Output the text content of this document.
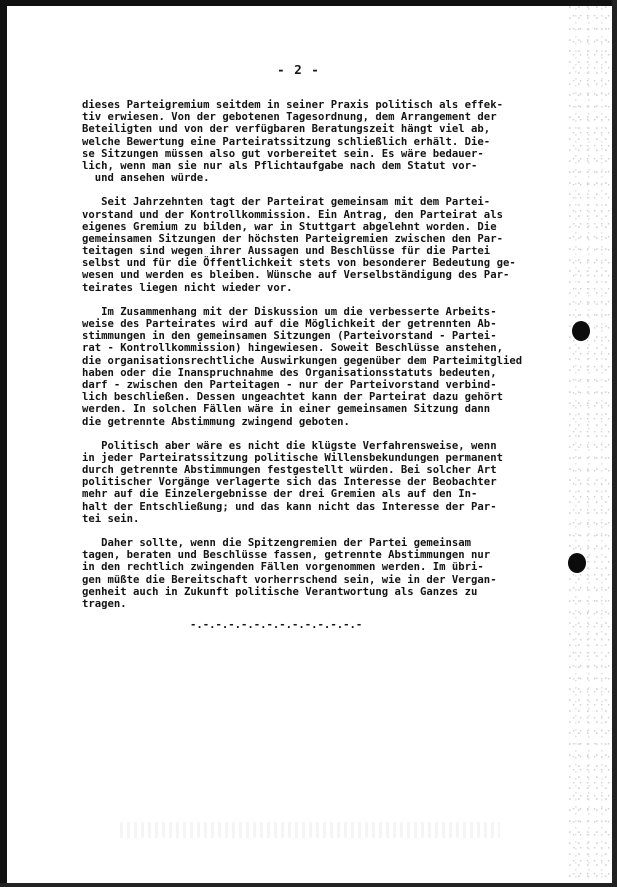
- 2 -
dieses Parteigremium seitdem in seiner Praxis politisch als effek-
tiv erwiesen. Von der gebotenen Tagesordnung, dem Arrangement der
Beteiligten und von der verfügbaren Beratungszeit hängt viel ab,
welche Bewertung eine Parteiratssitzung schließlich erhält. Die-
se Sitzungen müssen also gut vorbereitet sein. Es wäre bedauer-
lich, wenn man sie nur als Pflichtaufgabe nach dem Statut vor-
und ansehen würde.
Seit Jahrzehnten tagt der Parteirat gemeinsam mit dem Partei-
vorstand und der Kontrollkommission. Ein Antrag, den Parteirat als
eigenes Gremium zu bilden, war in Stuttgart abgelehnt worden. Die
gemeinsamen Sitzungen der höchsten Parteigremien zwischen den Par-
teitagen sind wegen ihrer Aussagen und Beschlüsse für die Partei
selbst und für die Öffentlichkeit stets von besonderer Bedeutung ge-
wesen und werden es bleiben. Wünsche auf Verselbständigung des Par-
teirates liegen nicht wieder vor.
Im Zusammenhang mit der Diskussion um die verbesserte Arbeits-
weise des Parteirates wird auf die Möglichkeit der getrennten Ab-
stimmungen in den gemeinsamen Sitzungen (Parteivorstand - Partei-
rat - Kontrollkommission) hingewiesen. Soweit Beschlüsse anstehen,
die organisationsrechtliche Auswirkungen gegenüber dem Parteimitglied
haben oder die Inanspruchnahme des Organisationsstatuts bedeuten,
darf - zwischen den Parteitagen - nur der Parteivorstand verbind-
lich beschließen. Dessen ungeachtet kann der Parteirat dazu gehört
werden. In solchen Fällen wäre in einer gemeinsamen Sitzung dann
die getrennte Abstimmung zwingend geboten.
Politisch aber wäre es nicht die klügste Verfahrensweise, wenn
in jeder Parteiratssitzung politische Willensbekundungen permanent
durch getrennte Abstimmungen festgestellt würden. Bei solcher Art
politischer Vorgänge verlagerte sich das Interesse der Beobachter
mehr auf die Einzelergebnisse der drei Gremien als auf den In-
halt der Entschließung; und das kann nicht das Interesse der Par-
tei sein.
Daher sollte, wenn die Spitzengremien der Partei gemeinsam
tagen, beraten und Beschlüsse fassen, getrennte Abstimmungen nur
in den rechtlich zwingenden Fällen vorgenommen werden. Im übri-
gen müßte die Bereitschaft vorherrschend sein, wie in der Vergan-
genheit auch in Zukunft politische Verantwortung als Ganzes zu
tragen.
-.-.-.-.-.-.-.-.-.-.-.-.-.-
